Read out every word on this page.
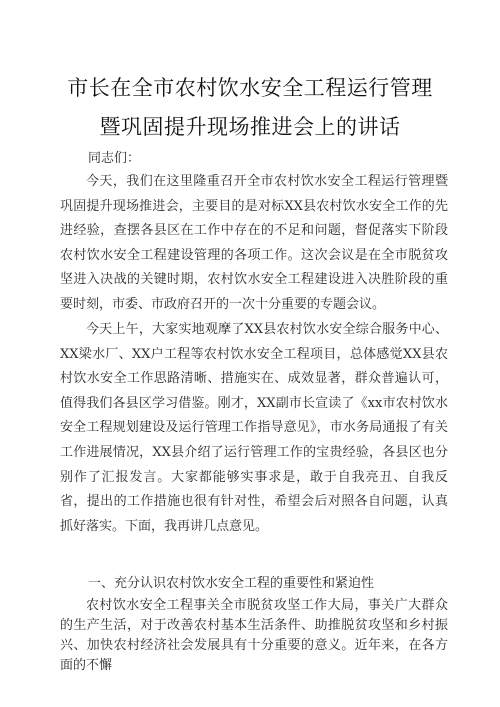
市长在全市农村饮水安全工程运行管理
暨巩固提升现场推进会上的讲话

同志们：

今天，我们在这里隆重召开全市农村饮水安全工程运行管理暨巩固提升现场推进会，主要目的是对标XX县农村饮水安全工作的先进经验，查摆各县区在工作中存在的不足和问题，督促落实下阶段农村饮水安全工程建设管理的各项工作。这次会议是在全市脱贫攻坚进入决战的关键时期，农村饮水安全工程建设进入决胜阶段的重要时刻，市委、市政府召开的一次十分重要的专题会议。

今天上午，大家实地观摩了XX县农村饮水安全综合服务中心、XX梁水厂、XX户工程等农村饮水安全工程项目，总体感觉XX县农村饮水安全工作思路清晰、措施实在、成效显著，群众普遍认可，值得我们各县区学习借鉴。刚才，XX副市长宣读了《xx市农村饮水安全工程规划建设及运行管理工作指导意见》，市水务局通报了有关工作进展情况，XX县介绍了运行管理工作的宝贵经验，各县区也分别作了汇报发言。大家都能够实事求是，敢于自我亮丑、自我反省，提出的工作措施也很有针对性，希望会后对照各自问题，认真抓好落实。下面，我再讲几点意见。

一、充分认识农村饮水安全工程的重要性和紧迫性

农村饮水安全工程事关全市脱贫攻坚工作大局，事关广大群众的生产生活，对于改善农村基本生活条件、助推脱贫攻坚和乡村振兴、加快农村经济社会发展具有十分重要的意义。近年来，在各方面的不懈
